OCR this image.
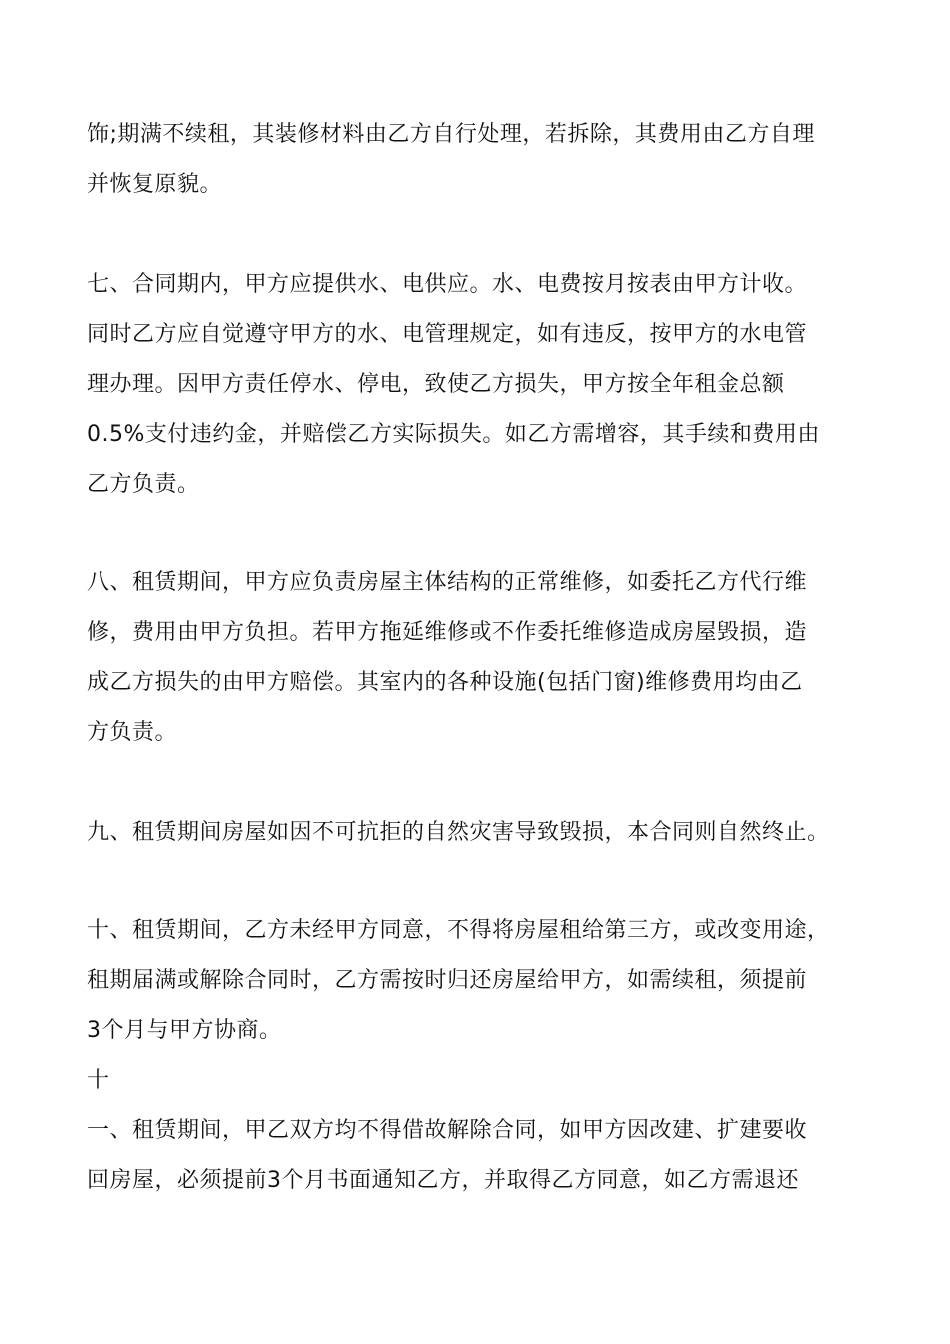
饰;期满不续租，其装修材料由乙方自行处理，若拆除，其费用由乙方自理
并恢复原貌。
七、合同期内，甲方应提供水、电供应。水、电费按月按表由甲方计收。
同时乙方应自觉遵守甲方的水、电管理规定，如有违反，按甲方的水电管
理办理。因甲方责任停水、停电，致使乙方损失，甲方按全年租金总额
0.5%支付违约金，并赔偿乙方实际损失。如乙方需增容，其手续和费用由
乙方负责。
八、租赁期间，甲方应负责房屋主体结构的正常维修，如委托乙方代行维
修，费用由甲方负担。若甲方拖延维修或不作委托维修造成房屋毁损，造
成乙方损失的由甲方赔偿。其室内的各种设施(包括门窗)维修费用均由乙
方负责。
九、租赁期间房屋如因不可抗拒的自然灾害导致毁损，本合同则自然终止。
十、租赁期间，乙方未经甲方同意，不得将房屋租给第三方，或改变用途，
租期届满或解除合同时，乙方需按时归还房屋给甲方，如需续租，须提前
3个月与甲方协商。
十
一、租赁期间，甲乙双方均不得借故解除合同，如甲方因改建、扩建要收
回房屋，必须提前3个月书面通知乙方，并取得乙方同意，如乙方需退还
